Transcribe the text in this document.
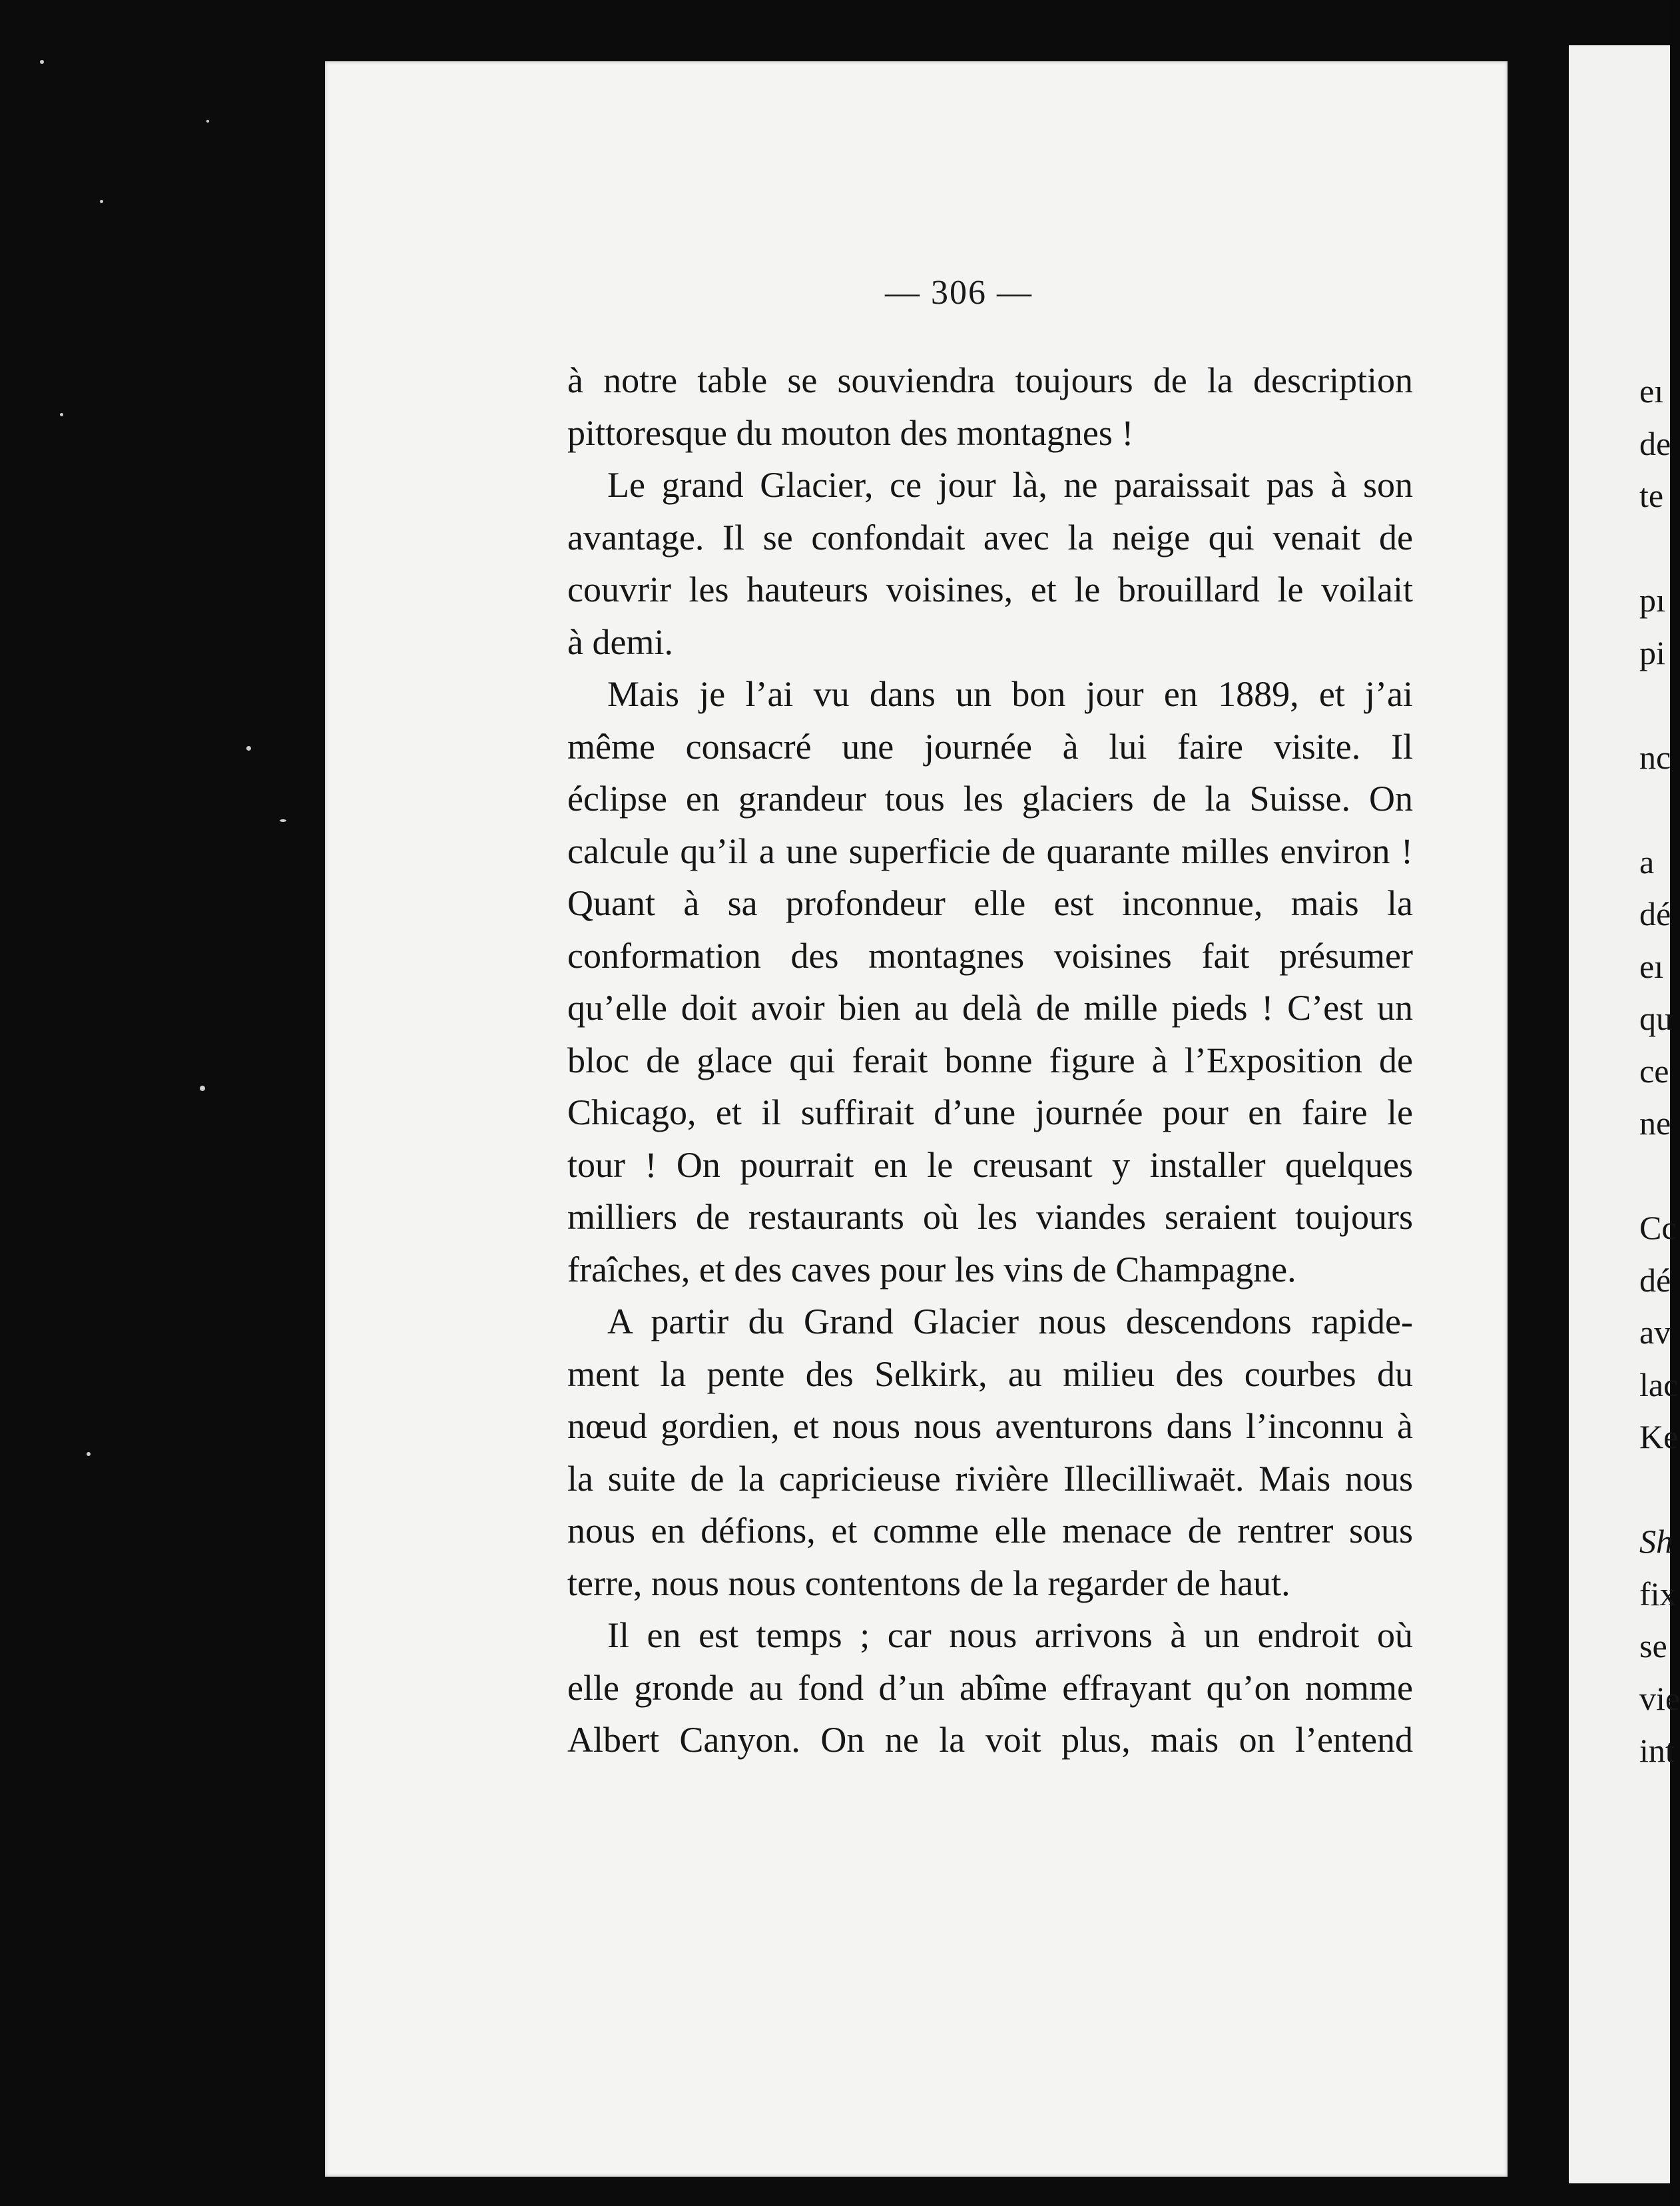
— 306 —
à notre table se souviendra toujours de la description
pittoresque du mouton des montagnes !
Le grand Glacier, ce jour là, ne paraissait pas à son
avantage. Il se confondait avec la neige qui venait de
couvrir les hauteurs voisines, et le brouillard le voilait
à demi.
Mais je l’ai vu dans un bon jour en 1889, et j’ai
même consacré une journée à lui faire visite. Il
éclipse en grandeur tous les glaciers de la Suisse. On
calcule qu’il a une superficie de quarante milles environ !
Quant à sa profondeur elle est inconnue, mais la
conformation des montagnes voisines fait présumer
qu’elle doit avoir bien au delà de mille pieds ! C’est un
bloc de glace qui ferait bonne figure à l’Exposition de
Chicago, et il suffirait d’une journée pour en faire le
tour ! On pourrait en le creusant y installer quelques
milliers de restaurants où les viandes seraient toujours
fraîches, et des caves pour les vins de Champagne.
A partir du Grand Glacier nous descendons rapide-
ment la pente des Selkirk, au milieu des courbes du
nœud gordien, et nous nous aventurons dans l’inconnu à
la suite de la capricieuse rivière Illecilliwaët. Mais nous
nous en défions, et comme elle menace de rentrer sous
terre, nous nous contentons de la regarder de haut.
Il en est temps ; car nous arrivons à un endroit où
elle gronde au fond d’un abîme effrayant qu’on nomme
Albert Canyon. On ne la voit plus, mais on l’entend
eı
de
te
pı
pi
nc
a
dé
eı
qu
ce
ne
Cc
dé
av
lac
Ke
Sh
fix
se
vie
int
